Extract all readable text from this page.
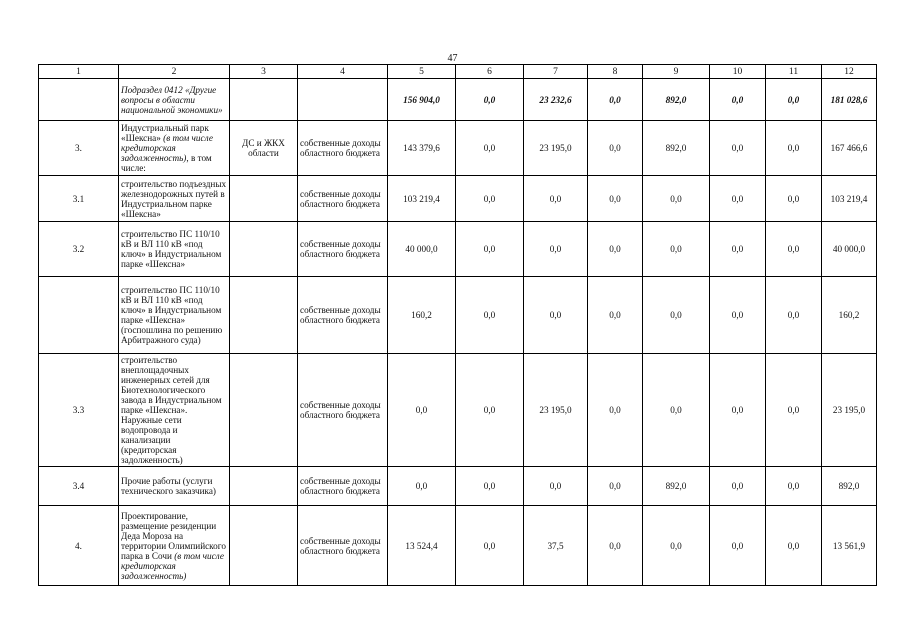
47
1	2	3	4	5	6	7	8	9	10	11	12
	Подраздел 0412 «Другие вопросы в области национальной экономики»			156 904,0	0,0	23 232,6	0,0	892,0	0,0	0,0	181 028,6
3.	Индустриальный парк «Шексна» (в том числе кредиторская задолженность), в том числе:	ДС и ЖКХ области	собственные доходы областного бюджета	143 379,6	0,0	23 195,0	0,0	892,0	0,0	0,0	167 466,6
3.1	строительство подъездных железнодорожных путей в Индустриальном парке «Шексна»		собственные доходы областного бюджета	103 219,4	0,0	0,0	0,0	0,0	0,0	0,0	103 219,4
3.2	строительство ПС 110/10 кВ и ВЛ 110 кВ «под ключ» в Индустриальном парке «Шексна»		собственные доходы областного бюджета	40 000,0	0,0	0,0	0,0	0,0	0,0	0,0	40 000,0
	строительство ПС 110/10 кВ и ВЛ 110 кВ «под ключ» в Индустриальном парке «Шексна» (госпошлина по решению Арбитражного суда)		собственные доходы областного бюджета	160,2	0,0	0,0	0,0	0,0	0,0	0,0	160,2
3.3	строительство внеплощадочных инженерных сетей для Биотехнологического завода в Индустриальном парке «Шексна». Наружные сети водопровода и канализации (кредиторская задолженность)		собственные доходы областного бюджета	0,0	0,0	23 195,0	0,0	0,0	0,0	0,0	23 195,0
3.4	Прочие работы (услуги технического заказчика)		собственные доходы областного бюджета	0,0	0,0	0,0	0,0	892,0	0,0	0,0	892,0
4.	Проектирование, размещение резиденции Деда Мороза на территории Олимпийского парка в Сочи (в том числе кредиторская задолженность)		собственные доходы областного бюджета	13 524,4	0,0	37,5	0,0	0,0	0,0	0,0	13 561,9
